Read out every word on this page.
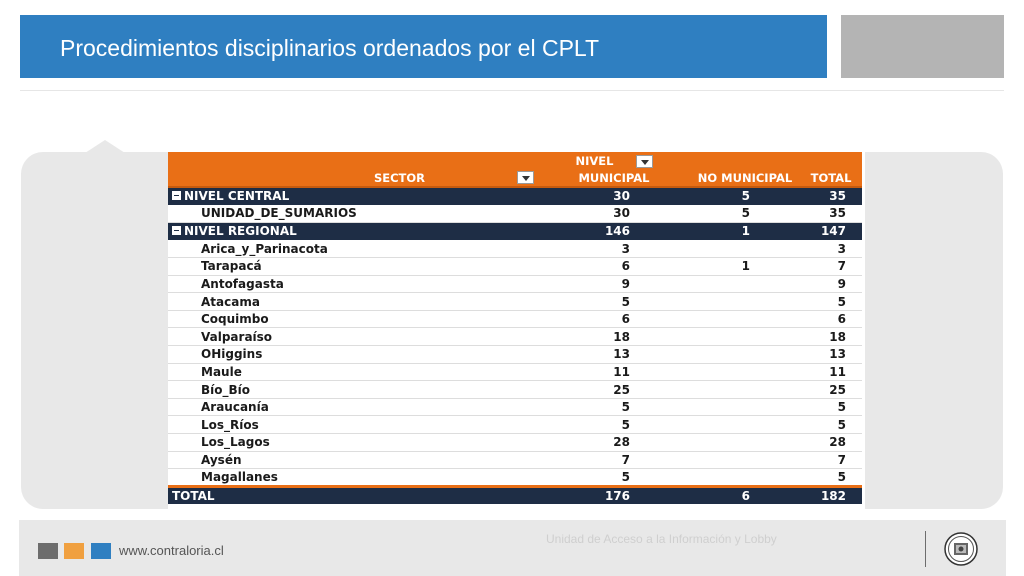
Procedimientos disciplinarios ordenados por el CPLT
	NIVEL		
SECTOR	MUNICIPAL	NO MUNICIPAL	TOTAL
NIVEL CENTRAL	30	5	35
UNIDAD_DE_SUMARIOS	30	5	35
NIVEL REGIONAL	146	1	147
Arica_y_Parinacota	3		3
Tarapacá	6	1	7
Antofagasta	9		9
Atacama	5		5
Coquimbo	6		6
Valparaíso	18		18
OHiggins	13		13
Maule	11		11
Bío_Bío	25		25
Araucanía	5		5
Los_Ríos	5		5
Los_Lagos	28		28
Aysén	7		7
Magallanes	5		5
TOTAL	176	6	182
www.contraloria.cl
Unidad de Acceso a la Información y Lobby
